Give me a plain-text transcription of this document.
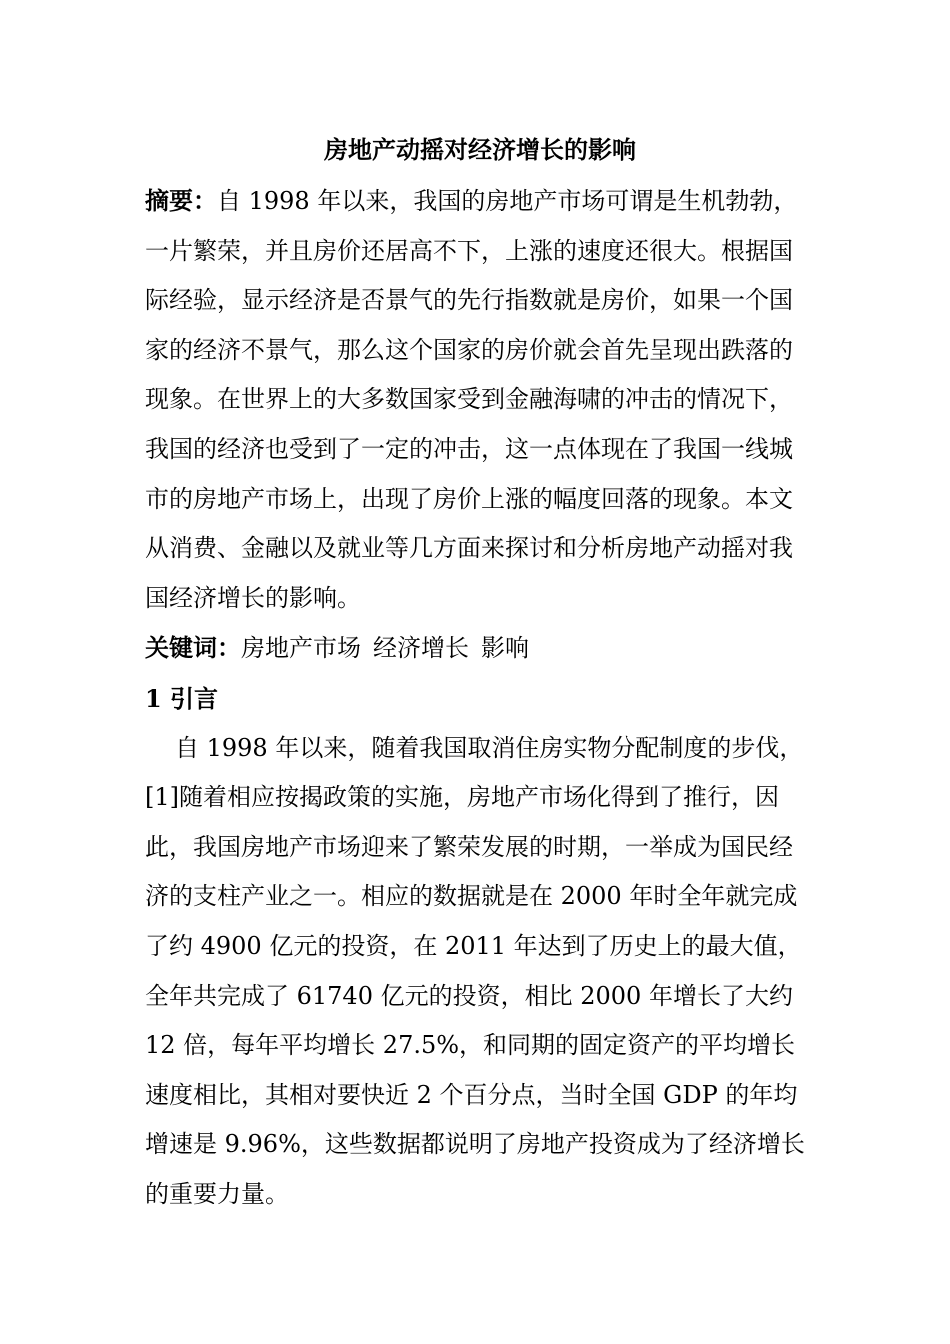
房地产动摇对经济增长的影响

摘要：自 1998 年以来，我国的房地产市场可谓是生机勃勃，一片繁荣，并且房价还居高不下，上涨的速度还很大。根据国际经验，显示经济是否景气的先行指数就是房价，如果一个国家的经济不景气，那么这个国家的房价就会首先呈现出跌落的现象。在世界上的大多数国家受到金融海啸的冲击的情况下，我国的经济也受到了一定的冲击，这一点体现在了我国一线城市的房地产市场上，出现了房价上涨的幅度回落的现象。本文从消费、金融以及就业等几方面来探讨和分析房地产动摇对我国经济增长的影响。

关键词：房地产市场 经济增长 影响

1 引言

自 1998 年以来，随着我国取消住房实物分配制度的步伐，[1]随着相应按揭政策的实施，房地产市场化得到了推行，因此，我国房地产市场迎来了繁荣发展的时期，一举成为国民经济的支柱产业之一。相应的数据就是在 2000 年时全年就完成了约 4900 亿元的投资，在 2011 年达到了历史上的最大值，全年共完成了 61740 亿元的投资，相比 2000 年增长了大约 12 倍，每年平均增长 27.5%，和同期的固定资产的平均增长速度相比，其相对要快近 2 个百分点，当时全国 GDP 的年均增速是 9.96%，这些数据都说明了房地产投资成为了经济增长的重要力量。
